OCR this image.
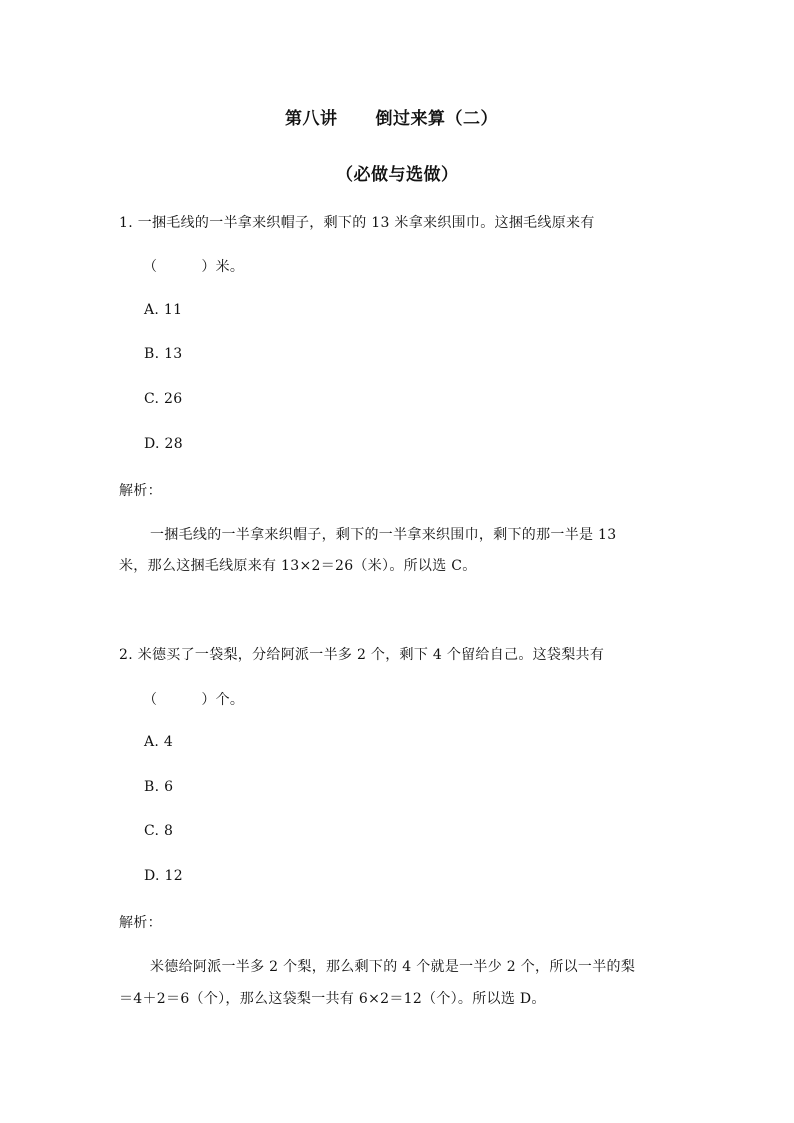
第八讲 倒过来算（二）
（必做与选做）
1. 一捆毛线的一半拿来织帽子，剩下的 13 米拿来织围巾。这捆毛线原来有
（	）米。
A. 11
B. 13
C. 26
D. 28
解析：
一捆毛线的一半拿来织帽子，剩下的一半拿来织围巾，剩下的那一半是 13
米，那么这捆毛线原来有 13×2＝26（米）。所以选 C。
2. 米德买了一袋梨，分给阿派一半多 2 个，剩下 4 个留给自己。这袋梨共有
（	）个。
A. 4
B. 6
C. 8
D. 12
解析：
米德给阿派一半多 2 个梨，那么剩下的 4 个就是一半少 2 个，所以一半的梨
＝4＋2＝6（个），那么这袋梨一共有 6×2＝12（个）。所以选 D。
